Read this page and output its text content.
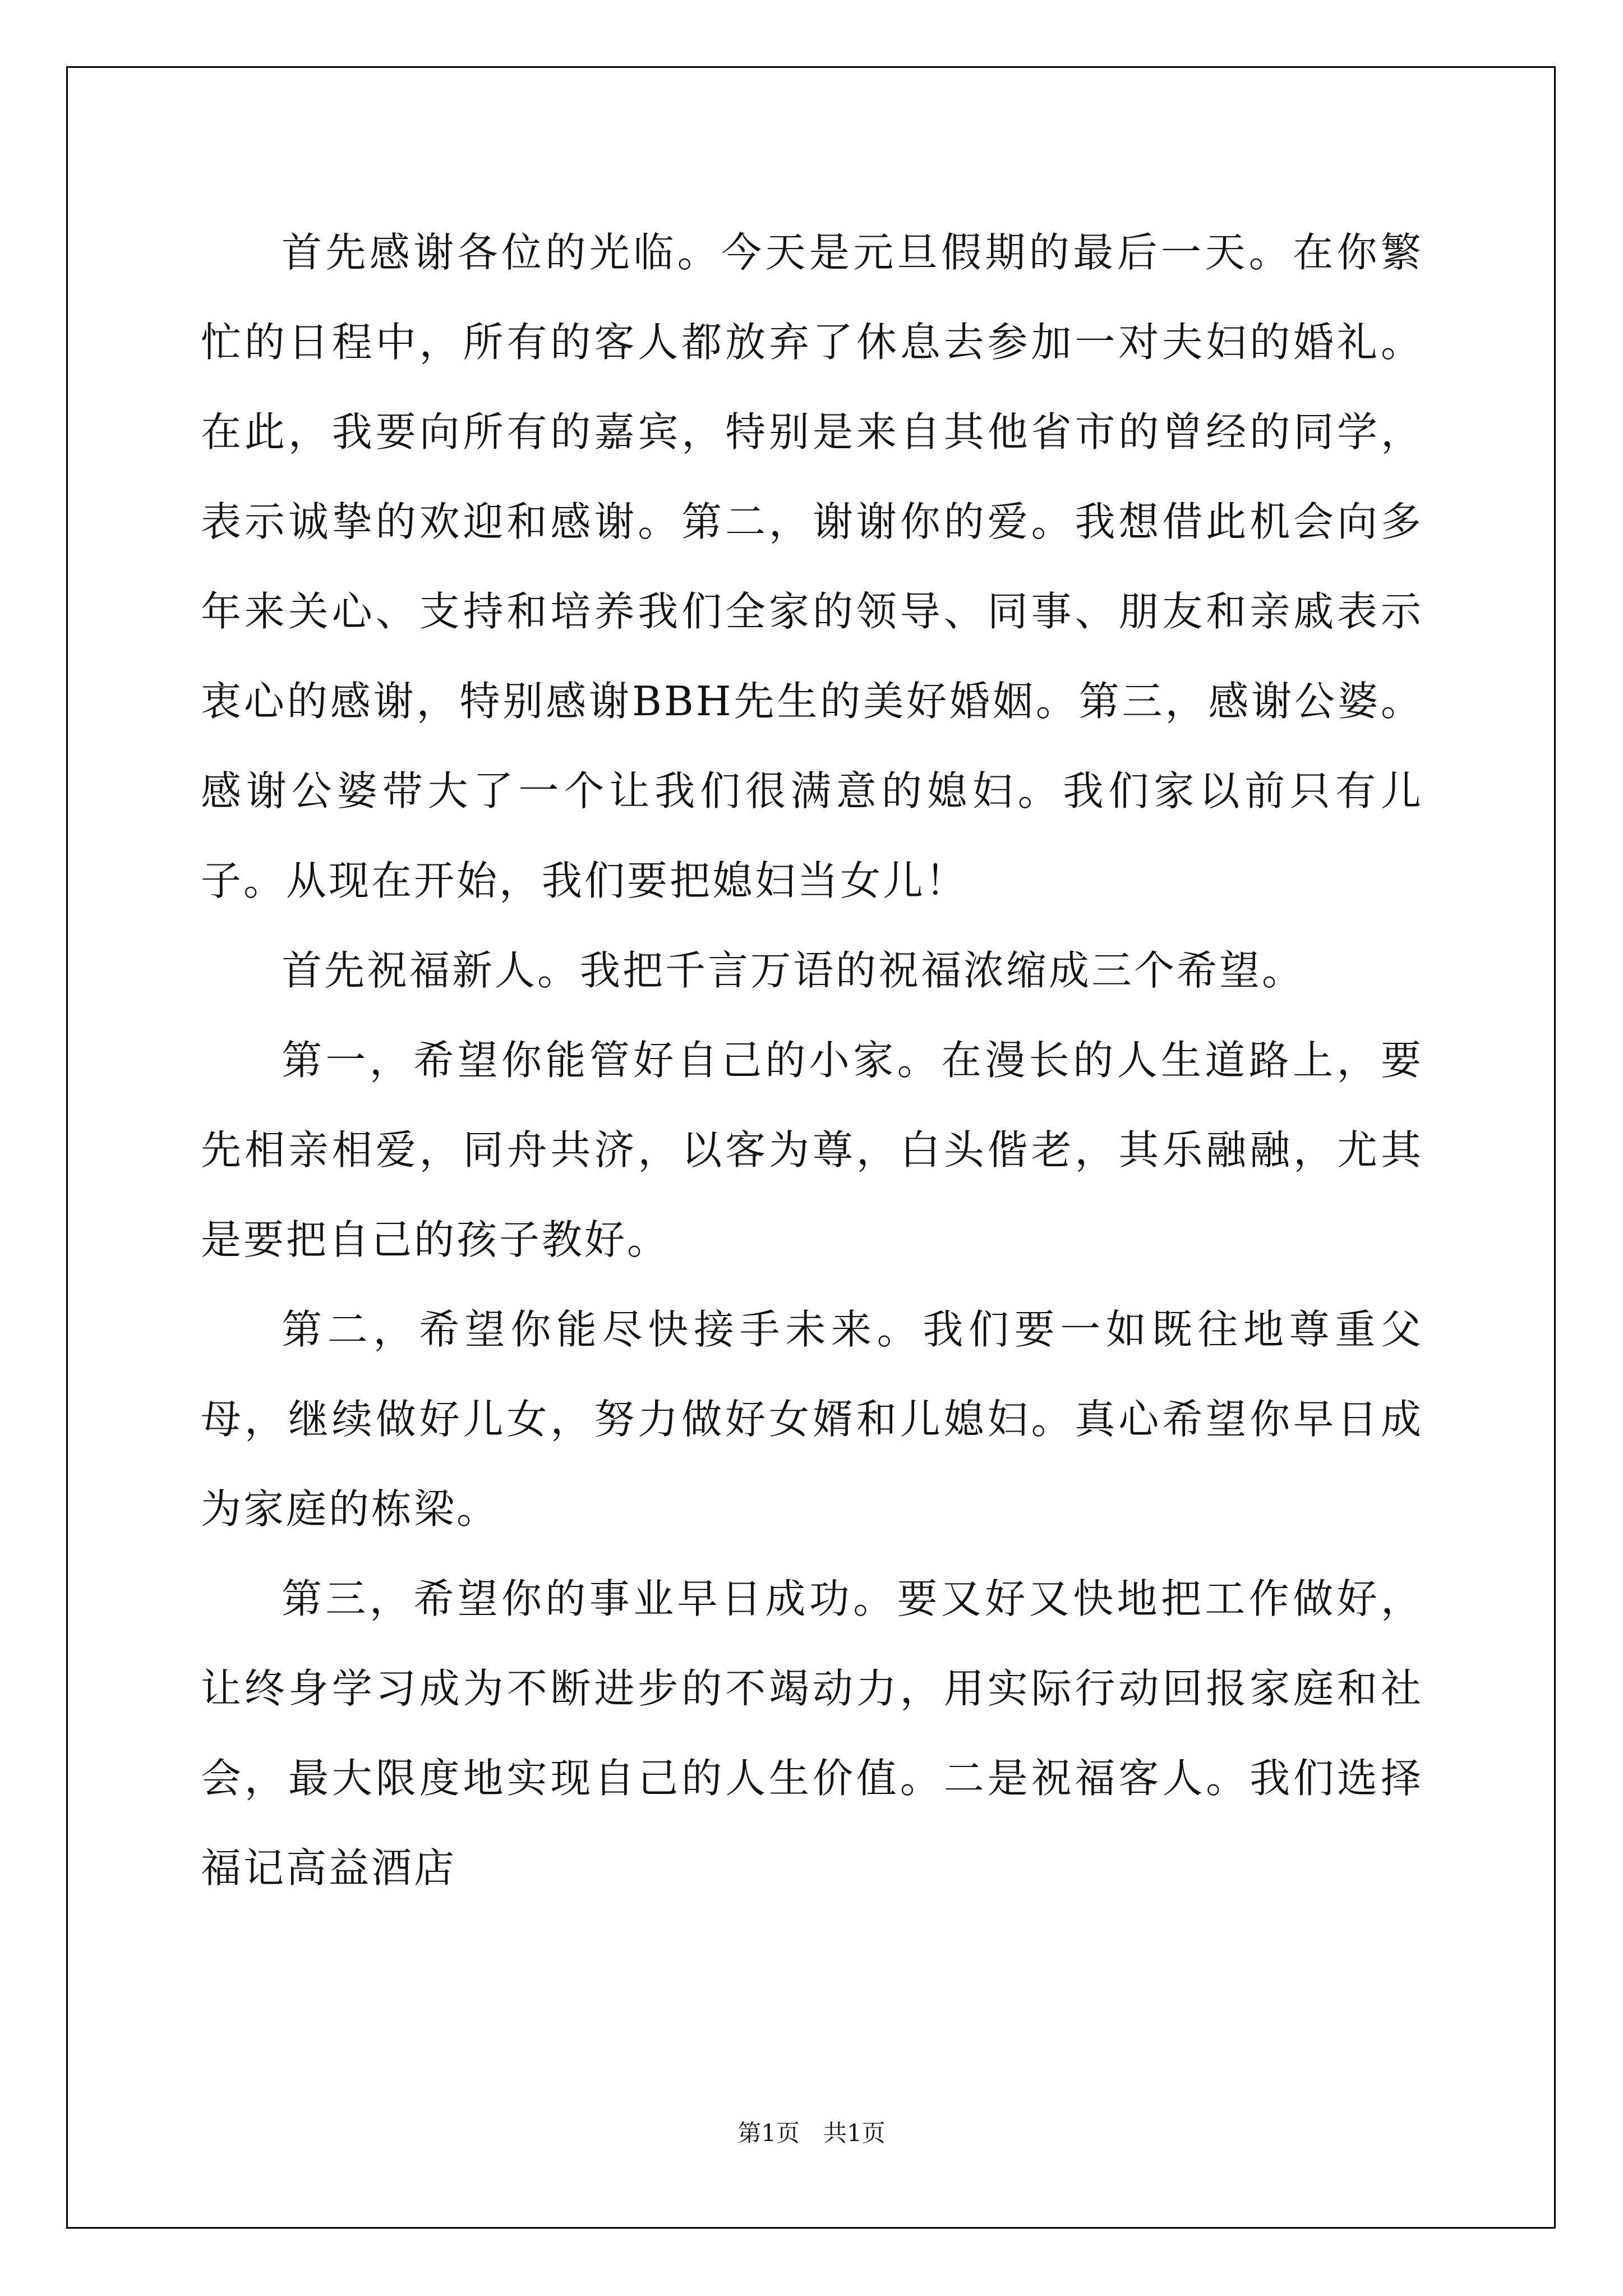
首先感谢各位的光临。今天是元旦假期的最后一天。在你繁忙的日程中，所有的客人都放弃了休息去参加一对夫妇的婚礼。在此，我要向所有的嘉宾，特别是来自其他省市的曾经的同学，表示诚挚的欢迎和感谢。第二，谢谢你的爱。我想借此机会向多年来关心、支持和培养我们全家的领导、同事、朋友和亲戚表示衷心的感谢，特别感谢BBH先生的美好婚姻。第三，感谢公婆。感谢公婆带大了一个让我们很满意的媳妇。我们家以前只有儿子。从现在开始，我们要把媳妇当女儿！

首先祝福新人。我把千言万语的祝福浓缩成三个希望。

第一，希望你能管好自己的小家。在漫长的人生道路上，要先相亲相爱，同舟共济，以客为尊，白头偕老，其乐融融，尤其是要把自己的孩子教好。

第二，希望你能尽快接手未来。我们要一如既往地尊重父母，继续做好儿女，努力做好女婿和儿媳妇。真心希望你早日成为家庭的栋梁。

第三，希望你的事业早日成功。要又好又快地把工作做好，让终身学习成为不断进步的不竭动力，用实际行动回报家庭和社会，最大限度地实现自己的人生价值。二是祝福客人。我们选择福记高益酒店

第1页　共1页
